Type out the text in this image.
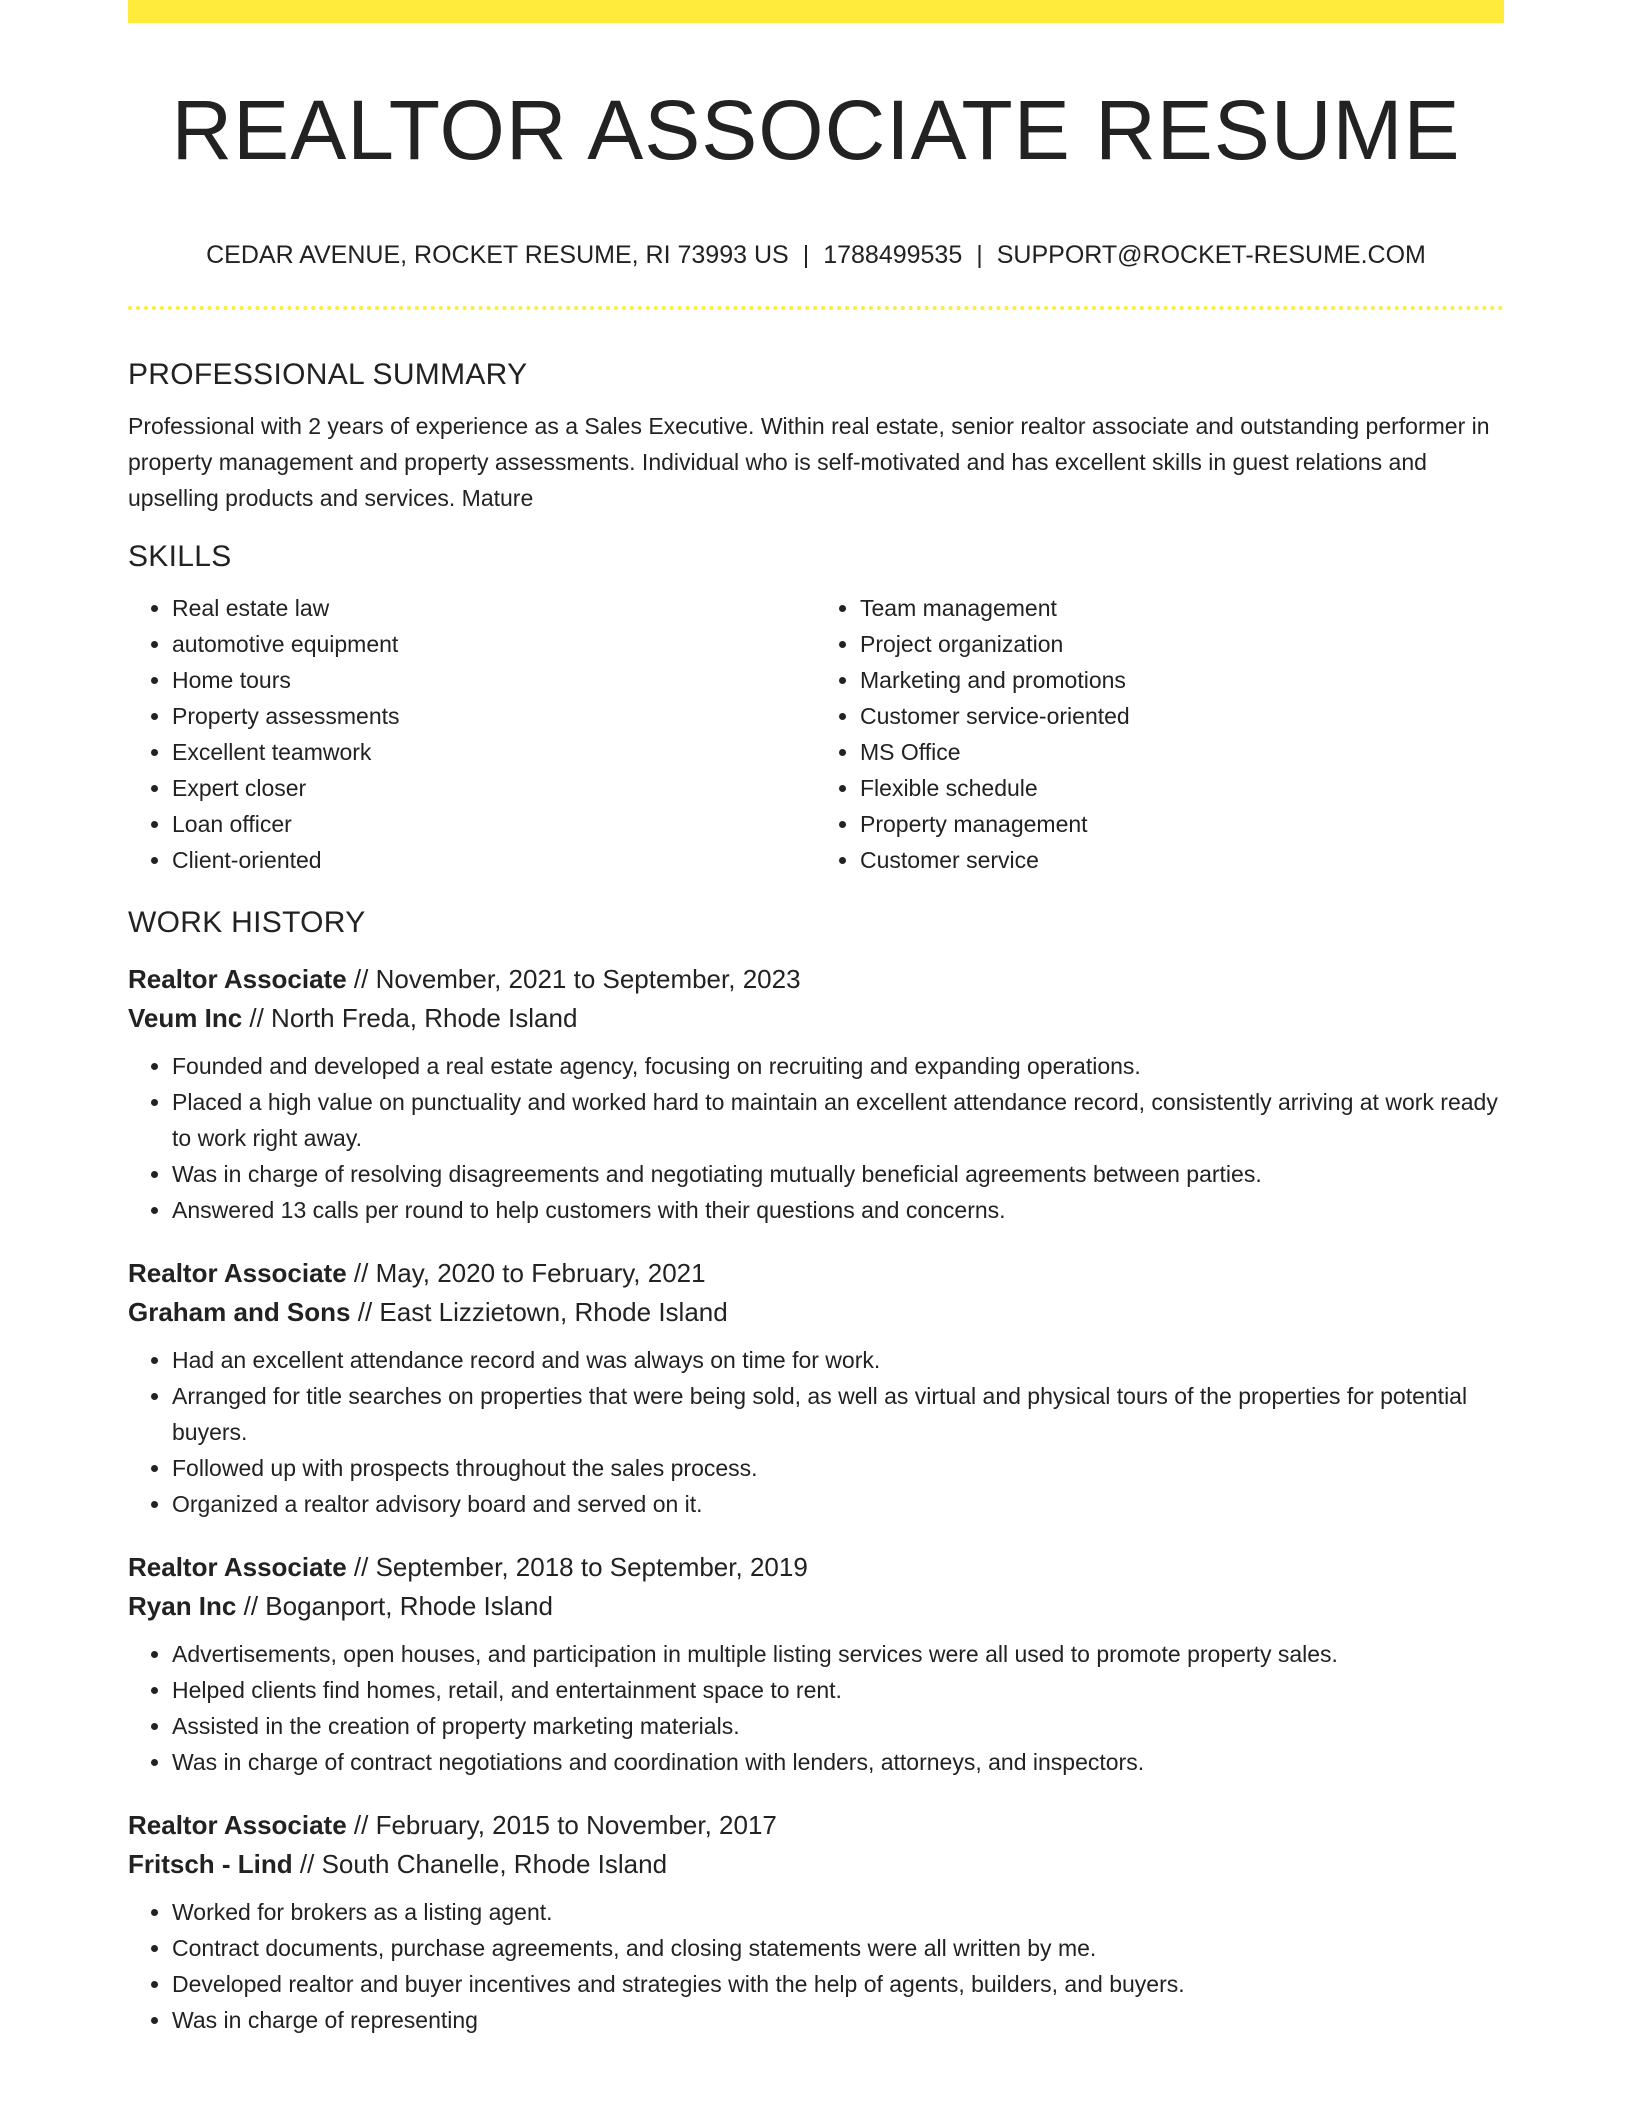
REALTOR ASSOCIATE RESUME
CEDAR AVENUE, ROCKET RESUME, RI 73993 US | 1788499535 | SUPPORT@ROCKET-RESUME.COM
PROFESSIONAL SUMMARY

Professional with 2 years of experience as a Sales Executive. Within real estate, senior realtor associate and outstanding performer in property management and property assessments. Individual who is self-motivated and has excellent skills in guest relations and upselling products and services. Mature

SKILLS
• Real estate law
• automotive equipment
• Home tours
• Property assessments
• Excellent teamwork
• Expert closer
• Loan officer
• Client-oriented
• Team management
• Project organization
• Marketing and promotions
• Customer service-oriented
• MS Office
• Flexible schedule
• Property management
• Customer service
WORK HISTORY
Realtor Associate // November, 2021 to September, 2023
Veum Inc // North Freda, Rhode Island
• Founded and developed a real estate agency, focusing on recruiting and expanding operations.
• Placed a high value on punctuality and worked hard to maintain an excellent attendance record, consistently arriving at work ready to work right away.
• Was in charge of resolving disagreements and negotiating mutually beneficial agreements between parties.
• Answered 13 calls per round to help customers with their questions and concerns.
Realtor Associate // May, 2020 to February, 2021
Graham and Sons // East Lizzietown, Rhode Island
• Had an excellent attendance record and was always on time for work.
• Arranged for title searches on properties that were being sold, as well as virtual and physical tours of the properties for potential buyers.
• Followed up with prospects throughout the sales process.
• Organized a realtor advisory board and served on it.
Realtor Associate // September, 2018 to September, 2019
Ryan Inc // Boganport, Rhode Island
• Advertisements, open houses, and participation in multiple listing services were all used to promote property sales.
• Helped clients find homes, retail, and entertainment space to rent.
• Assisted in the creation of property marketing materials.
• Was in charge of contract negotiations and coordination with lenders, attorneys, and inspectors.
Realtor Associate // February, 2015 to November, 2017
Fritsch - Lind // South Chanelle, Rhode Island
• Worked for brokers as a listing agent.
• Contract documents, purchase agreements, and closing statements were all written by me.
• Developed realtor and buyer incentives and strategies with the help of agents, builders, and buyers.
• Was in charge of representing
